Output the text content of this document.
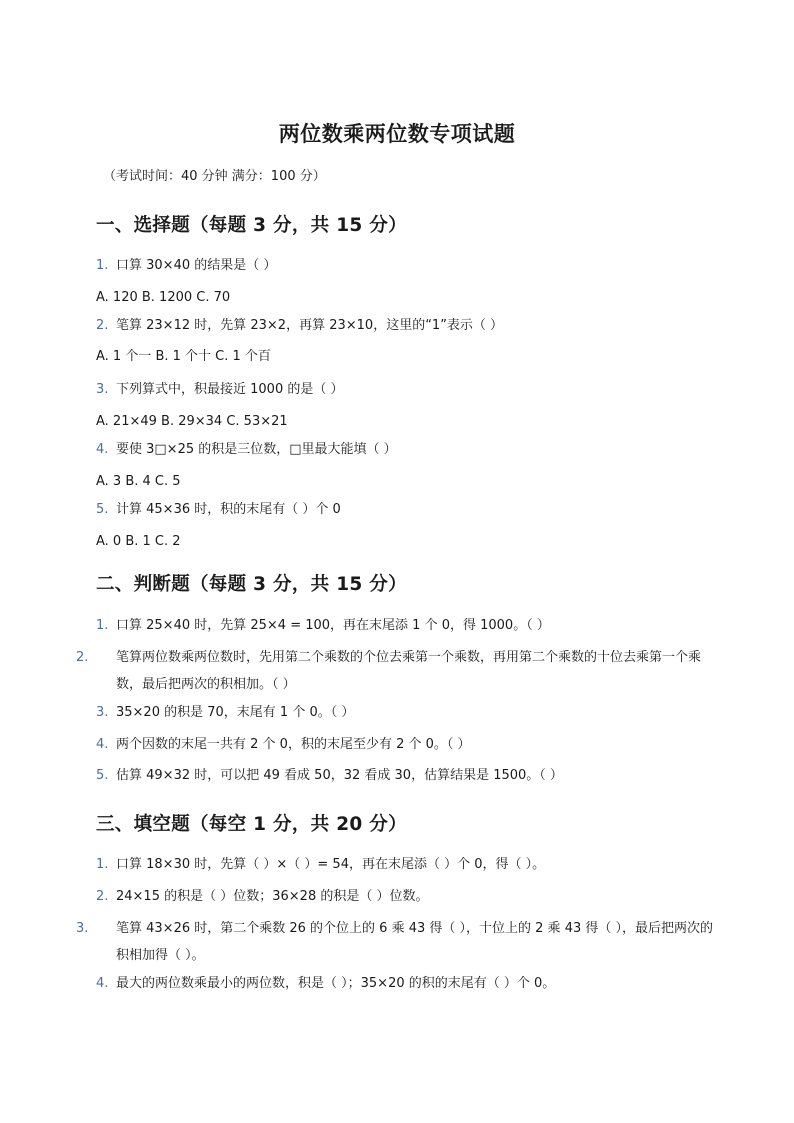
两位数乘两位数专项试题
（考试时间：40 分钟 满分：100 分）
一、选择题（每题 3 分，共 15 分）
1. 口算 30×40 的结果是（ ）
A. 120 B. 1200 C. 70
2. 笔算 23×12 时，先算 23×2，再算 23×10，这里的“1”表示（ ）
A. 1 个一 B. 1 个十 C. 1 个百
3. 下列算式中，积最接近 1000 的是（ ）
A. 21×49 B. 29×34 C. 53×21
4. 要使 3□×25 的积是三位数，□里最大能填（ ）
A. 3 B. 4 C. 5
5. 计算 45×36 时，积的末尾有（ ）个 0
A. 0 B. 1 C. 2
二、判断题（每题 3 分，共 15 分）
1. 口算 25×40 时，先算 25×4 = 100，再在末尾添 1 个 0，得 1000。（ ）
2. 笔算两位数乘两位数时，先用第二个乘数的个位去乘第一个乘数，再用第二个乘数的十位去乘第一个乘数，最后把两次的积相加。（ ）
3. 35×20 的积是 70，末尾有 1 个 0。（ ）
4. 两个因数的末尾一共有 2 个 0，积的末尾至少有 2 个 0。（ ）
5. 估算 49×32 时，可以把 49 看成 50，32 看成 30，估算结果是 1500。（ ）
三、填空题（每空 1 分，共 20 分）
1. 口算 18×30 时，先算（ ）×（ ）= 54，再在末尾添（ ）个 0，得（ ）。
2. 24×15 的积是（ ）位数；36×28 的积是（ ）位数。
3. 笔算 43×26 时，第二个乘数 26 的个位上的 6 乘 43 得（ ），十位上的 2 乘 43 得（ ），最后把两次的积相加得（ ）。
4. 最大的两位数乘最小的两位数，积是（ ）；35×20 的积的末尾有（ ）个 0。
